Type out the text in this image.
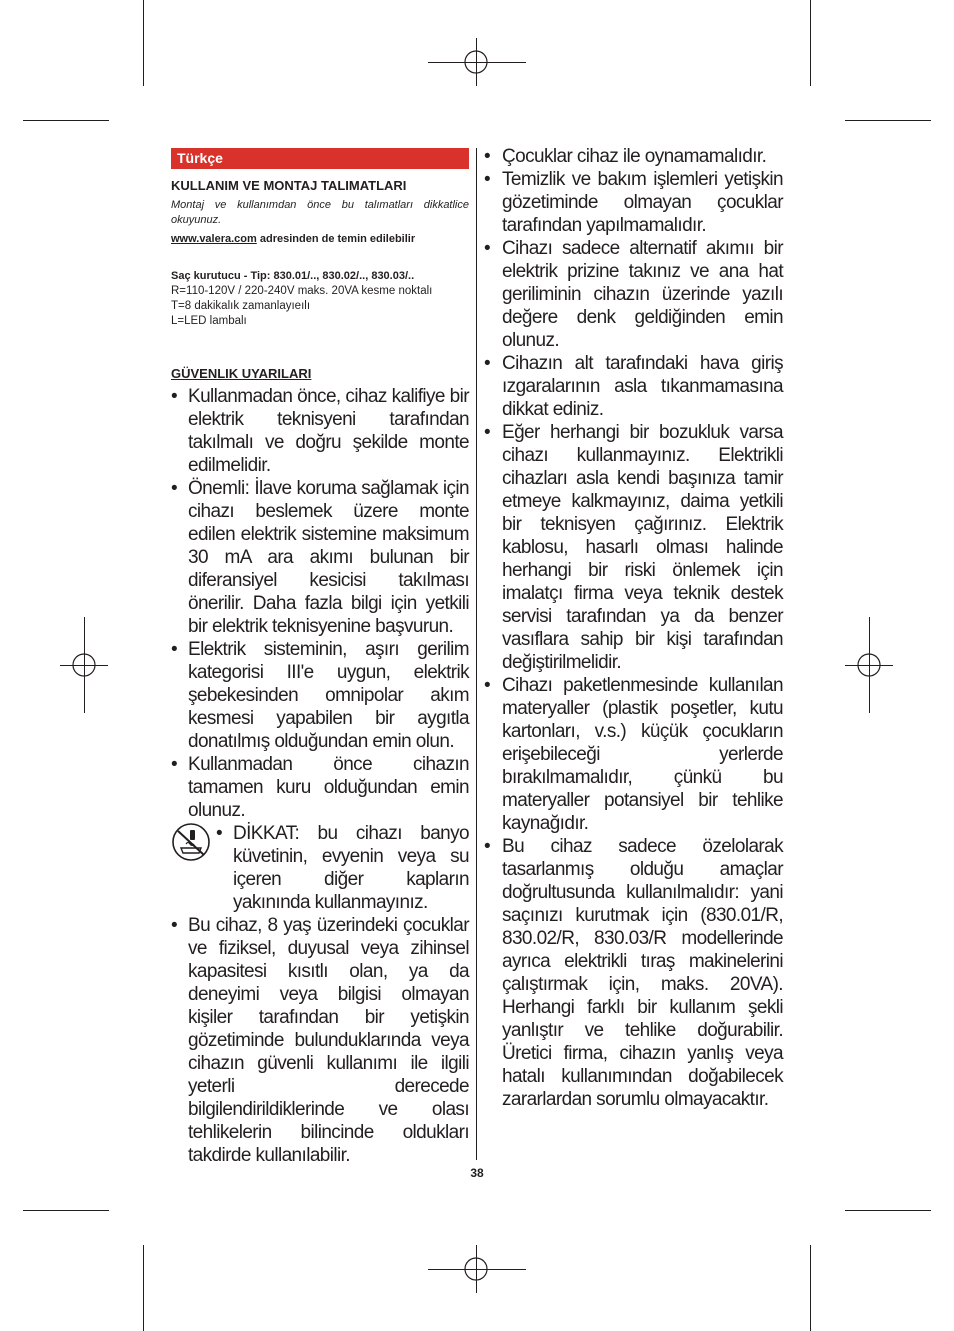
Türkçe
KULLANIM VE MONTAJ TALIMATLARI
Montaj ve kullanımdan önce bu talımatları dikkatlice okuyunuz.
www.valera.com adresinden de temin edilebilir
Saç kurutucu - Tip: 830.01/.., 830.02/.., 830.03/..
R=110-120V / 220-240V maks. 20VA kesme noktalı
T=8 dakikalık zamanlayıeılı
L=LED lambalı
GÜVENLIK UYARILARI
• Kullanmadan önce, cihaz kalifiye bir elektrik teknisyeni tarafından takılmalı ve doğru şekilde monte edilmelidir.
• Önemli: İlave koruma sağlamak için cihazı beslemek üzere monte edilen elektrik sistemine maksimum 30 mA ara akımı bulunan bir diferansiyel kesicisi takılması önerilir. Daha fazla bilgi için yetkili bir elektrik teknisyenine başvurun.
• Elektrik sisteminin, aşırı gerilim kategorisi III'e uygun, elektrik şebekesinden omnipolar akım kesmesi yapabilen bir aygıtla donatılmış olduğundan emin olun.
• Kullanmadan önce cihazın tamamen kuru olduğundan emin olunuz.
• DİKKAT: bu cihazı banyo küvetinin, evyenin veya su içeren diğer kapların yakınında kullanmayınız.
• Bu cihaz, 8 yaş üzerindeki çocuklar ve fiziksel, duyusal veya zihinsel kapasitesi kısıtlı olan, ya da deneyimi veya bilgisi olmayan kişiler tarafından bir yetişkin gözetiminde bulunduklarında veya cihazın güvenli kullanımı ile ilgili yeterli derecede bilgilendirildiklerinde ve olası tehlikelerin bilincinde oldukları takdirde kullanılabilir.
• Çocuklar cihaz ile oynamamalıdır.
• Temizlik ve bakım işlemleri yetişkin gözetiminde olmayan çocuklar tarafından yapılmamalıdır.
• Cihazı sadece alternatif akımıı bir elektrik prizine takınız ve ana hat geriliminin cihazın üzerinde yazılı değere denk geldiğinden emin olunuz.
• Cihazın alt tarafındaki hava giriş ızgaralarının asla tıkanmamasına dikkat ediniz.
• Eğer herhangi bir bozukluk varsa cihazı kullanmayınız. Elektrikli cihazları asla kendi başınıza tamir etmeye kalkmayınız, daima yetkili bir teknisyen çağırınız. Elektrik kablosu, hasarlı olması halinde herhangi bir riski önlemek için imalatçı firma veya teknik destek servisi tarafından ya da benzer vasıflara sahip bir kişi tarafından değiştirilmelidir.
• Cihazı paketlenmesinde kullanılan materyaller (plastik poşetler, kutu kartonları, v.s.) küçük çocukların erişebileceği yerlerde bırakılmamalıdır, çünkü bu materyaller potansiyel bir tehlike kaynağıdır.
• Bu cihaz sadece özelolarak tasarlanmış olduğu amaçlar doğrultusunda kullanılmalıdır: yani saçınızı kurutmak için (830.01/R, 830.02/R, 830.03/R modellerinde ayrıca elektrikli tıraş makinelerini çalıştırmak için, maks. 20VA). Herhangi farklı bir kullanım şekli yanlıştır ve tehlike doğurabilir. Üretici firma, cihazın yanlış veya hatalı kullanımından doğabilecek zararlardan sorumlu olmayacaktır.
38
